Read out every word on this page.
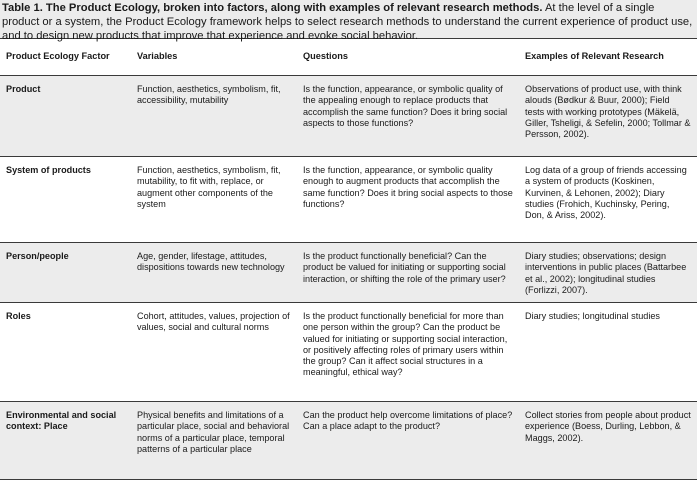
Table 1. The Product Ecology, broken into factors, along with examples of relevant research methods. At the level of a single product or a system, the Product Ecology framework helps to select research methods to understand the current experience of product use, and to design new products that improve that experience and evoke social behavior.
Product Ecology Factor	Variables	Questions	Examples of Relevant Research
Product	Function, aesthetics, symbolism, fit, accessibility, mutability	Is the function, appearance, or symbolic quality of the appealing enough to replace products that accomplish the same function? Does it bring social aspects to those functions?	Observations of product use, with think alouds (Bødkur & Buur, 2000); Field tests with working prototypes (Mäkelä, Giller, Tsheligi, & Sefelin, 2000; Tollmar & Persson, 2002).
System of products	Function, aesthetics, symbolism, fit, mutability, to fit with, replace, or augment other components of the system	Is the function, appearance, or symbolic quality enough to augment products that accomplish the same function? Does it bring social aspects to those functions?	Log data of a group of friends accessing a system of products (Koskinen, Kurvinen, & Lehonen, 2002); Diary studies (Frohich, Kuchinsky, Pering, Don, & Ariss, 2002).
Person/people	Age, gender, lifestage, attitudes, dispositions towards new technology	Is the product functionally beneficial? Can the product be valued for initiating or supporting social interaction, or shifting the role of the primary user?	Diary studies; observations; design interventions in public places (Battarbee et al., 2002); longitudinal studies (Forlizzi, 2007).
Roles	Cohort, attitudes, values, projection of values, social and cultural norms	Is the product functionally beneficial for more than one person within the group? Can the product be valued for initiating or supporting social interaction, or positively affecting roles of primary users within the group? Can it affect social structures in a meaningful, ethical way?	Diary studies; longitudinal studies
Environmental and social context: Place	Physical benefits and limitations of a particular place, social and behavioral norms of a particular place, temporal patterns of a particular place	Can the product help overcome limitations of place? Can a place adapt to the product?	Collect stories from people about product experience (Boess, Durling, Lebbon, & Maggs, 2002).
